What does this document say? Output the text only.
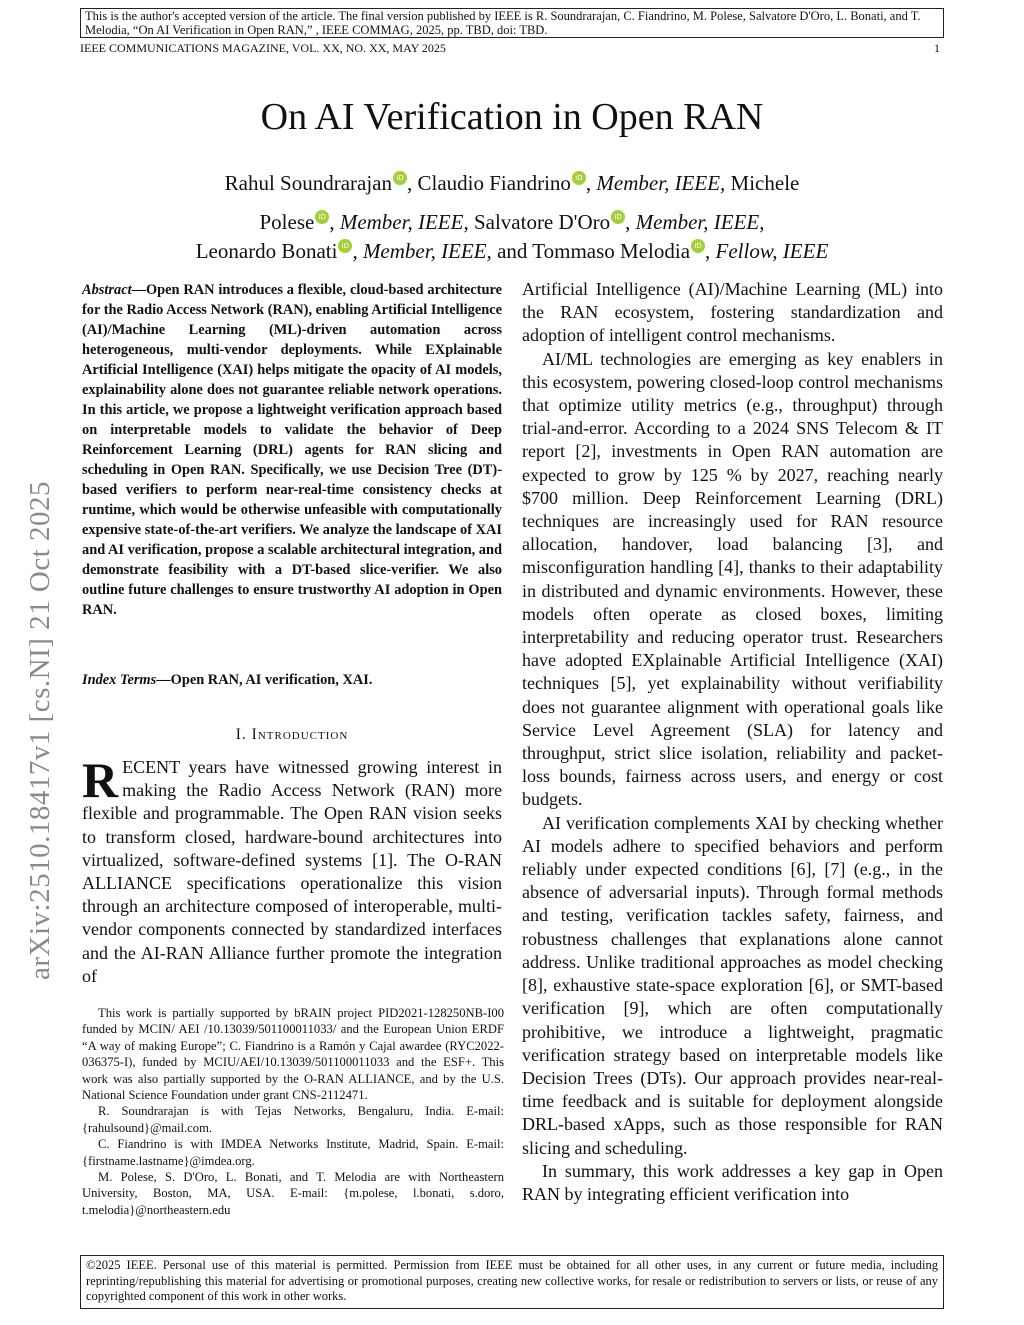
This is the author's accepted version of the article. The final version published by IEEE is R. Soundrarajan, C. Fiandrino, M. Polese, Salvatore D'Oro, L. Bonati, and T. Melodia, “On AI Verification in Open RAN,” , IEEE COMMAG, 2025, pp. TBD, doi: TBD.
IEEE COMMUNICATIONS MAGAZINE, VOL. XX, NO. XX, MAY 2025	1
On AI Verification in Open RAN
Rahul Soundrarajan iD , Claudio Fiandrino iD , Member, IEEE, Michele
Polese iD , Member, IEEE, Salvatore D'Oro iD , Member, IEEE,
Leonardo Bonati iD , Member, IEEE, and Tommaso Melodia iD , Fellow, IEEE
arXiv:2510.18417v1 [cs.NI] 21 Oct 2025
Abstract—Open RAN introduces a flexible, cloud-based architecture for the Radio Access Network (RAN), enabling Artificial Intelligence (AI)/Machine Learning (ML)-driven automation across heterogeneous, multi-vendor deployments. While EXplainable Artificial Intelligence (XAI) helps mitigate the opacity of AI models, explainability alone does not guarantee reliable network operations. In this article, we propose a lightweight verification approach based on interpretable models to validate the behavior of Deep Reinforcement Learning (DRL) agents for RAN slicing and scheduling in Open RAN. Specifically, we use Decision Tree (DT)-based verifiers to perform near-real-time consistency checks at runtime, which would be otherwise unfeasible with computationally expensive state-of-the-art verifiers. We analyze the landscape of XAI and AI verification, propose a scalable architectural integration, and demonstrate feasibility with a DT-based slice-verifier. We also outline future challenges to ensure trustworthy AI adoption in Open RAN.
Index Terms—Open RAN, AI verification, XAI.
I. Introduction
RECENT years have witnessed growing interest in making the Radio Access Network (RAN) more flexible and programmable. The Open RAN vision seeks to transform closed, hardware-bound architectures into virtualized, software-defined systems [1]. The O-RAN ALLIANCE specifications operationalize this vision through an architecture composed of interoperable, multi-vendor components connected by standardized interfaces and the AI-RAN Alliance further promote the integration of

This work is partially supported by bRAIN project PID2021-128250NB-I00 funded by MCIN/ AEI /10.13039/501100011033/ and the European Union ERDF “A way of making Europe”; C. Fiandrino is a Ramón y Cajal awardee (RYC2022-036375-I), funded by MCIU/AEI/10.13039/501100011033 and the ESF+. This work was also partially supported by the O-RAN ALLIANCE, and by the U.S. National Science Foundation under grant CNS-2112471.

R. Soundrarajan is with Tejas Networks, Bengaluru, India. E-mail: {rahulsound}@mail.com.

C. Fiandrino is with IMDEA Networks Institute, Madrid, Spain. E-mail: {firstname.lastname}@imdea.org.

M. Polese, S. D'Oro, L. Bonati, and T. Melodia are with Northeastern University, Boston, MA, USA. E-mail: {m.polese, l.bonati, s.doro, t.melodia}@northeastern.edu

Artificial Intelligence (AI)/Machine Learning (ML) into the RAN ecosystem, fostering standardization and adoption of intelligent control mechanisms.

AI/ML technologies are emerging as key enablers in this ecosystem, powering closed-loop control mechanisms that optimize utility metrics (e.g., throughput) through trial-and-error. According to a 2024 SNS Telecom & IT report [2], investments in Open RAN automation are expected to grow by 125 % by 2027, reaching nearly $700 million. Deep Reinforcement Learning (DRL) techniques are increasingly used for RAN resource allocation, handover, load balancing [3], and misconfiguration handling [4], thanks to their adaptability in distributed and dynamic environments. However, these models often operate as closed boxes, limiting interpretability and reducing operator trust. Researchers have adopted EXplainable Artificial Intelligence (XAI) techniques [5], yet explainability without verifiability does not guarantee alignment with operational goals like Service Level Agreement (SLA) for latency and throughput, strict slice isolation, reliability and packet-loss bounds, fairness across users, and energy or cost budgets.

AI verification complements XAI by checking whether AI models adhere to specified behaviors and perform reliably under expected conditions [6], [7] (e.g., in the absence of adversarial inputs). Through formal methods and testing, verification tackles safety, fairness, and robustness challenges that explanations alone cannot address. Unlike traditional approaches as model checking [8], exhaustive state-space exploration [6], or SMT-based verification [9], which are often computationally prohibitive, we introduce a lightweight, pragmatic verification strategy based on interpretable models like Decision Trees (DTs). Our approach provides near-real-time feedback and is suitable for deployment alongside DRL-based xApps, such as those responsible for RAN slicing and scheduling.

In summary, this work addresses a key gap in Open RAN by integrating efficient verification into

©2025 IEEE. Personal use of this material is permitted. Permission from IEEE must be obtained for all other uses, in any current or future media, including reprinting/republishing this material for advertising or promotional purposes, creating new collective works, for resale or redistribution to servers or lists, or reuse of any copyrighted component of this work in other works.
